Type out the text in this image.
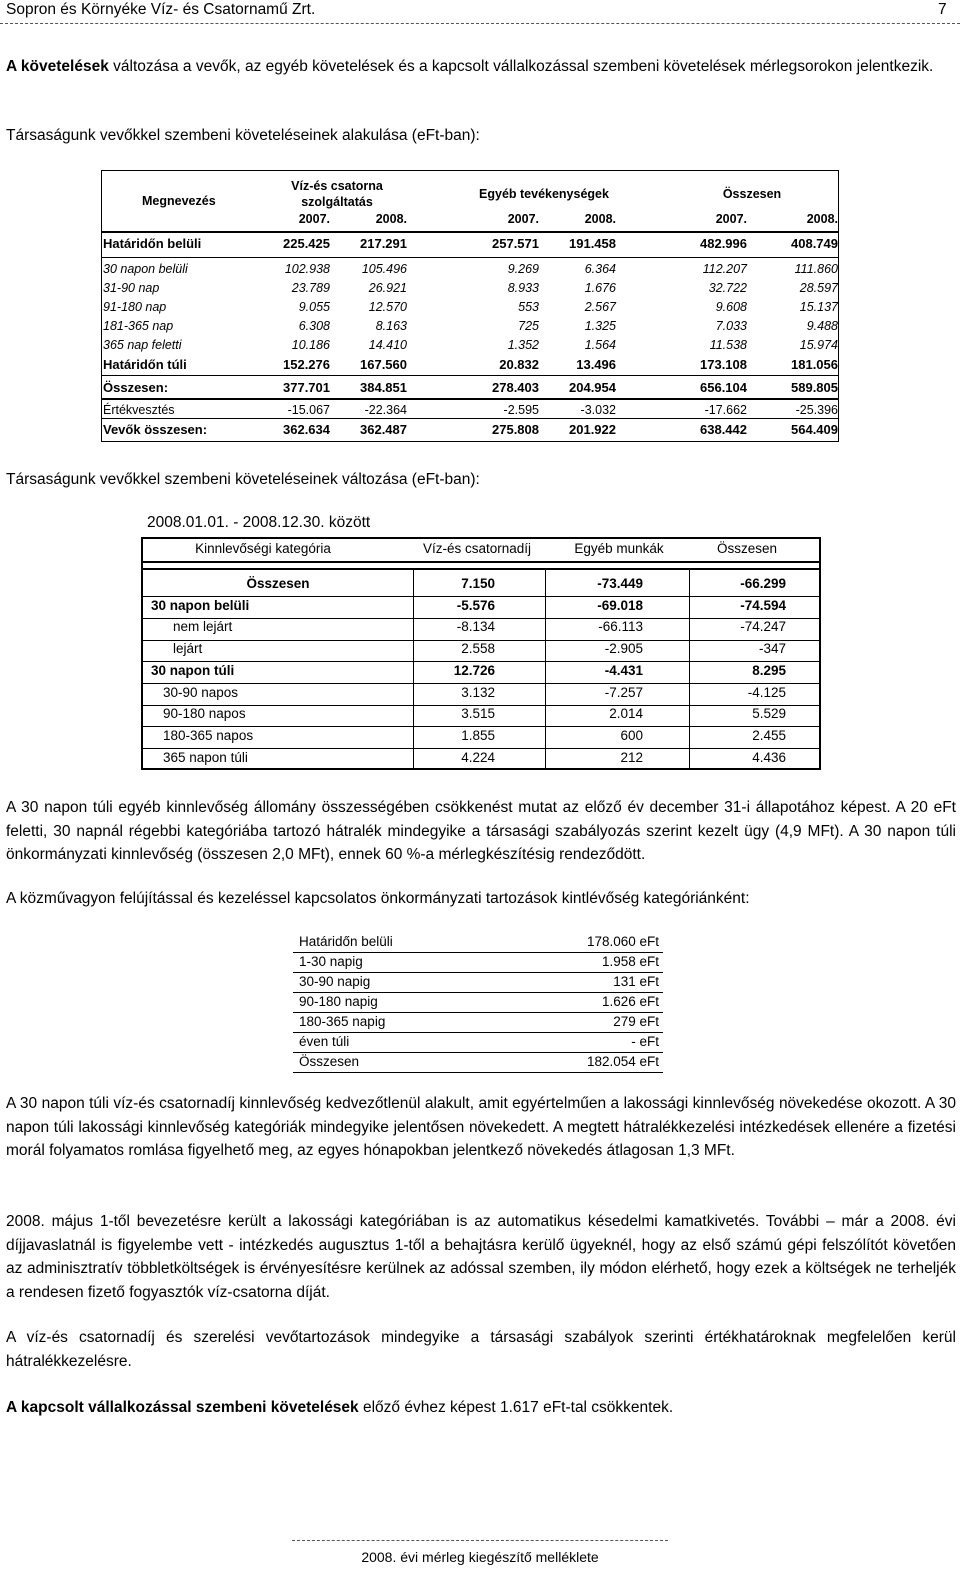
Sopron és Környéke Víz- és Csatornamű Zrt.	7
A követelések változása a vevők, az egyéb követelések és a kapcsolt vállalkozással szembeni követelések mérlegsorokon jelentkezik.
Társaságunk vevőkkel szembeni követeléseinek alakulása (eFt-ban):
Megnevezés
Víz-és csatorna
szolgáltatás
Egyéb tevékenységek	Összesen
2007.	2008.	2007.	2008.	2007.	2008.
Határidőn belüli	225.425 217.291	257.571 191.458	482.996	408.749
30 napon belüli	102.938	105.496	9.269	6.364	112.207	111.860
31-90 nap	23.789	26.921	8.933	1.676	32.722	28.597
91-180 nap	9.055	12.570	553	2.567	9.608	15.137
181-365 nap	6.308	8.163	725	1.325	7.033	9.488
365 nap feletti	10.186	14.410	1.352	1.564	11.538	15.974
Határidőn túli	152.276 167.560	20.832	13.496	173.108	181.056
Összesen:	377.701 384.851	278.403 204.954	656.104	589.805
Értékvesztés	-15.067	-22.364	-2.595	-3.032	-17.662	-25.396
Vevők összesen:	362.634 362.487	275.808 201.922	638.442	564.409
Társaságunk vevőkkel szembeni követeléseinek változása (eFt-ban):
2008.01.01. - 2008.12.30. között
Kinnlevőségi kategória	Víz-és csatornadíj	Egyéb munkák	Összesen
Összesen	7.150	-73.449	-66.299
30 napon belüli	-5.576	-69.018	-74.594
nem lejárt	-8.134	-66.113	-74.247
lejárt	2.558	-2.905	-347
30 napon túli	12.726	-4.431	8.295
30-90 napos	3.132	-7.257	-4.125
90-180 napos	3.515	2.014	5.529
180-365 napos	1.855	600	2.455
365 napon túli	4.224	212	4.436
A 30 napon túli egyéb kinnlevőség állomány összességében csökkenést mutat az előző év december 31-i állapotához képest. A 20 eFt feletti, 30 napnál régebbi kategóriába tartozó hátralék mindegyike a társasági szabályozás szerint kezelt ügy (4,9 MFt). A 30 napon túli önkormányzati kinnlevőség (összesen 2,0 MFt), ennek 60 %-a mérlegkészítésig rendeződött.
A közművagyon felújítással és kezeléssel kapcsolatos önkormányzati tartozások kintlévőség kategóriánként:
Határidőn belüli	178.060 eFt
1-30 napig	1.958 eFt
30-90 napig	131 eFt
90-180 napig	1.626 eFt
180-365 napig	279 eFt
éven túli	- eFt
Összesen	182.054 eFt
A 30 napon túli víz-és csatornadíj kinnlevőség kedvezőtlenül alakult, amit egyértelműen a lakossági kinnlevőség növekedése okozott. A 30 napon túli lakossági kinnlevőség kategóriák mindegyike jelentősen növekedett. A megtett hátralékkezelési intézkedések ellenére a fizetési morál folyamatos romlása figyelhető meg, az egyes hónapokban jelentkező növekedés átlagosan 1,3 MFt.
2008. május 1-től bevezetésre került a lakossági kategóriában is az automatikus késedelmi kamatkivetés. További – már a 2008. évi díjjavaslatnál is figyelembe vett - intézkedés augusztus 1-től a behajtásra kerülő ügyeknél, hogy az első számú gépi felszólítót követően az adminisztratív többletköltségek is érvényesítésre kerülnek az adóssal szemben, ily módon elérhető, hogy ezek a költségek ne terheljék a rendesen fizető fogyasztók víz-csatorna díját.
A víz-és csatornadíj és szerelési vevőtartozások mindegyike a társasági szabályok szerinti értékhatároknak megfelelően kerül hátralékkezelésre.
A kapcsolt vállalkozással szembeni követelések előző évhez képest 1.617 eFt-tal csökkentek.
2008. évi mérleg kiegészítő melléklete
